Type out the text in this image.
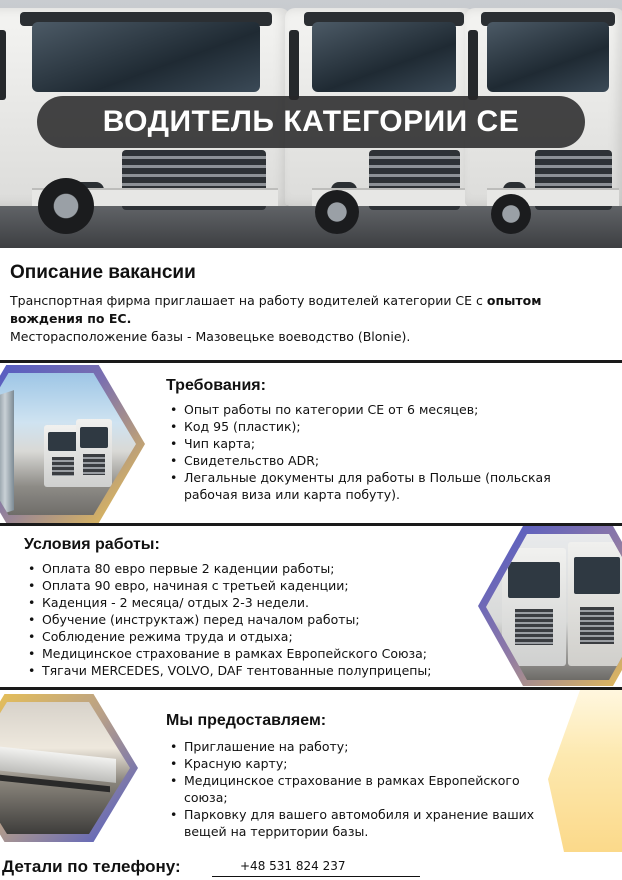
ВОДИТЕЛЬ КАТЕГОРИИ CE
Описание вакансии

Транспортная фирма приглашает на работу водителей категории CE с опытом вождения по ЕС.

Месторасположение базы - Мазовецьке воеводство (Blonie).

Требования:
• Опыт работы по категории CE от 6 месяцев;
• Код 95 (пластик);
• Чип карта;
• Свидетельство ADR;
• Легальные документы для работы в Польше (польская рабочая виза или карта побуту).
Условия работы:
• Оплата 80 евро первые 2 каденции работы;
• Оплата 90 евро, начиная с третьей каденции;
• Каденция - 2 месяца/ отдых 2-3 недели.
• Обучение (инструктаж) перед началом работы;
• Соблюдение режима труда и отдыха;
• Медицинское страхование в рамках Европейского Союза;
• Тягачи MERCEDES, VOLVO, DAF тентованные полуприцепы;
Мы предоставляем:
• Приглашение на работу;
• Красную карту;
• Медицинское страхование в рамках Европейского союза;
• Парковку для вашего автомобиля и хранение ваших вещей на территории базы.
Детали по телефону:	+48 531 824 237
